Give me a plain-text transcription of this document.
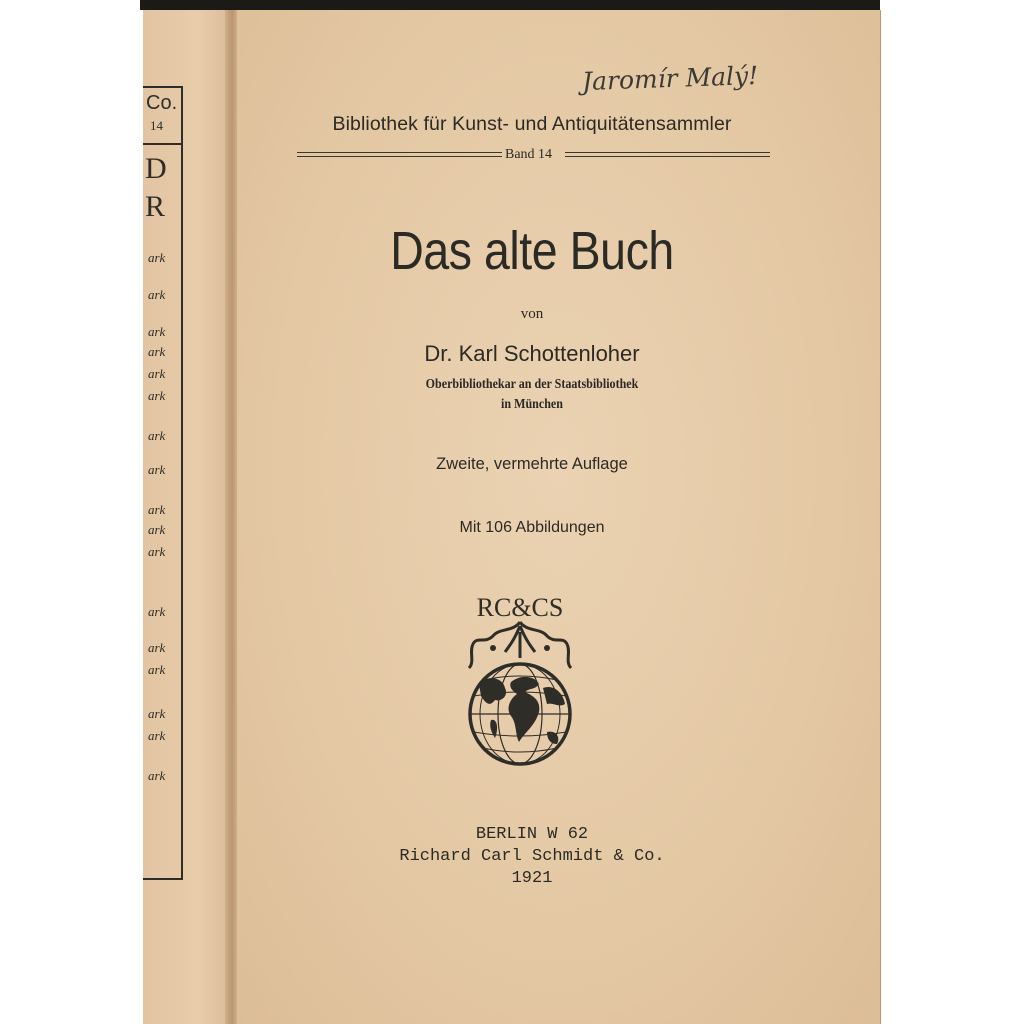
Co.
14
D
R
ark
ark
ark
ark
ark
ark
ark
ark
ark
ark
ark
ark
ark
ark
ark
ark
ark
Jaromír Malý!
Bibliothek für Kunst- und Antiquitätensammler
Band 14
Das alte Buch
von
Dr. Karl Schottenloher
Oberbibliothekar an der Staatsbibliothek
in München
Zweite, vermehrte Auflage
Mit 106 Abbildungen
RC&CS
BERLIN W 62
Richard Carl Schmidt & Co.
1921
